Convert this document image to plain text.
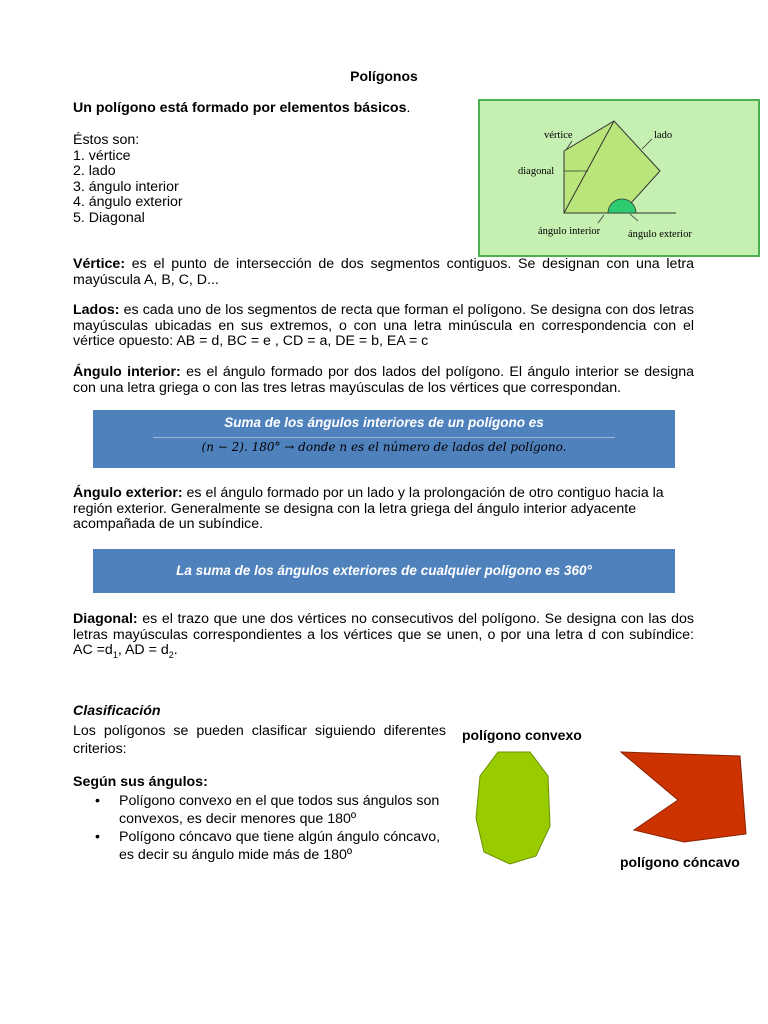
Polígonos
Un polígono está formado por elementos básicos.
Éstos son:
1. vértice
2. lado
3. ángulo interior
4. ángulo exterior
5. Diagonal
vértice	lado
diagonal
ángulo interior	ángulo exterior
Vértice: es el punto de intersección de dos segmentos contiguos. Se designan con una letra mayúscula A, B, C, D...
Lados: es cada uno de los segmentos de recta que forman el polígono. Se designa con dos letras mayúsculas ubicadas en sus extremos, o con una letra minúscula en correspondencia con el vértice opuesto: AB = d, BC = e , CD = a, DE = b, EA = c
Ángulo interior: es el ángulo formado por dos lados del polígono. El ángulo interior se designa con una letra griega o con las tres letras mayúsculas de los vértices que correspondan.
Suma de los ángulos interiores de un polígono es
(n − 2). 180° → donde n es el número de lados del polígono.
Ángulo exterior: es el ángulo formado por un lado y la prolongación de otro contiguo hacia la región exterior. Generalmente se designa con la letra griega del ángulo interior adyacente acompañada de un subíndice.
La suma de los ángulos exteriores de cualquier polígono es 360°
Diagonal: es el trazo que une dos vértices no consecutivos del polígono. Se designa con las dos letras mayúsculas correspondientes a los vértices que se unen, o por una letra d con subíndice: AC $=d_1$, AD = $d_2$.
Clasificación
Los polígonos se pueden clasificar siguiendo diferentes criterios:
Según sus ángulos:
• Polígono convexo en el que todos sus ángulos son convexos, es decir menores que 180º
• Polígono cóncavo que tiene algún ángulo cóncavo, es decir su ángulo mide más de 180º
polígono convexo
polígono cóncavo
